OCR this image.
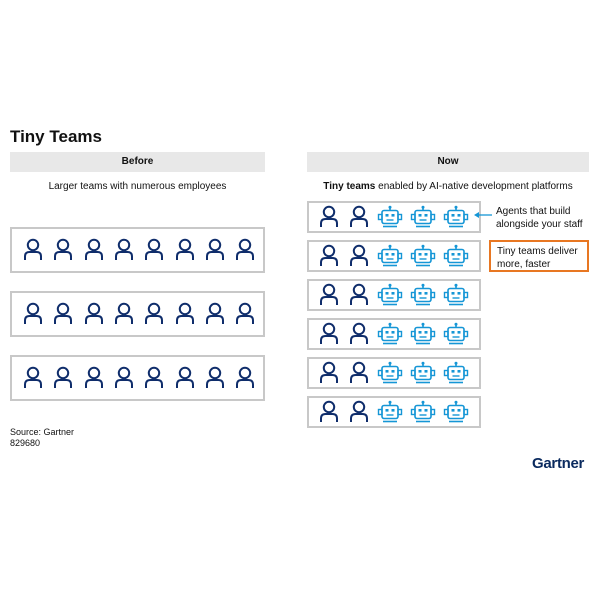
Tiny Teams
Before
Larger teams with numerous employees
Now
Tiny teams enabled by AI-native development platforms
Agents that build alongside your staff
Tiny teams deliver more, faster
Source: Gartner
829680
Gartner
